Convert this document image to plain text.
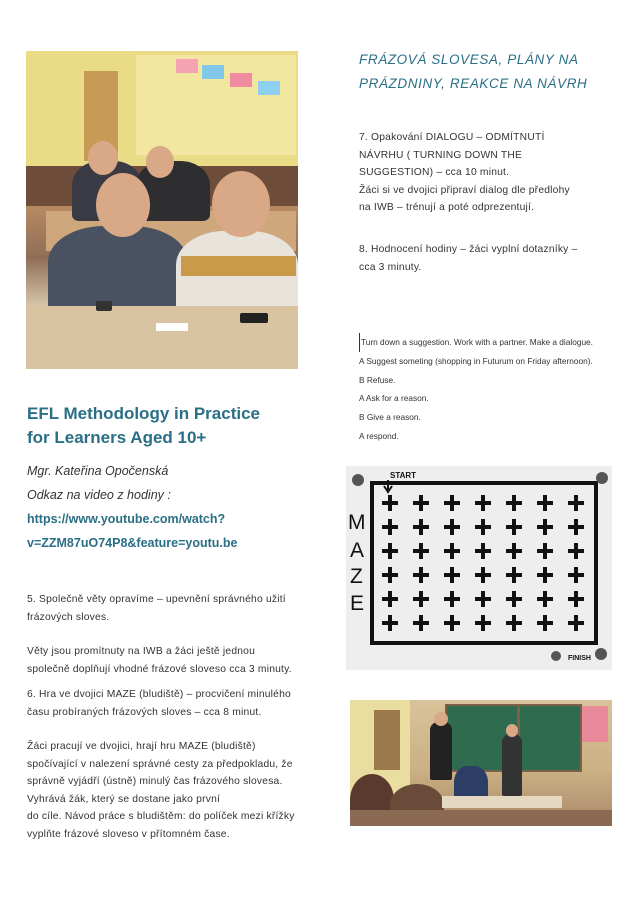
FRÁZOVÁ SLOVESA, PLÁNY NA
PRÁZDNINY, REAKCE NA NÁVRH
7. Opakování DIALOGU – ODMÍTNUTÍ
NÁVRHU ( TURNING DOWN THE
SUGGESTION) – cca 10 minut.
Žáci si ve dvojici připraví dialog dle předlohy
na IWB – trénují a poté odprezentují.
8. Hodnocení hodiny – žáci vyplní dotazníky –
cca 3 minuty.
Turn down a suggestion. Work with a partner. Make a dialogue.
A Suggest someting (shopping in Futurum on Friday afternoon).
B Refuse.
A Ask for a reason.
B Give a reason.
A respond.
START
FINISH
M
A
Z
E
EFL Methodology in Practice
for Learners Aged 10+
Mgr. Kateřina Opočenská
Odkaz na video z hodiny :
https://www.youtube.com/watch?
v=ZZM87uO74P8&feature=youtu.be
5. Společně věty opravíme – upevnění správného užití
frázových sloves.
Věty jsou promítnuty na IWB a žáci ještě jednou
společně doplňují vhodné frázové sloveso cca 3 minuty.
6. Hra ve dvojici MAZE (bludiště) – procvičení minulého
času probíraných frázových sloves – cca 8 minut.
Žáci pracují ve dvojici, hrají hru MAZE (bludiště)
spočívající v nalezení správné cesty za předpokladu, že
správně vyjádří (ústně) minulý čas frázového slovesa.
Vyhrává žák, který se dostane jako první
do cíle. Návod práce s bludištěm: do políček mezi křížky
vyplňte frázové sloveso v přítomném čase.
